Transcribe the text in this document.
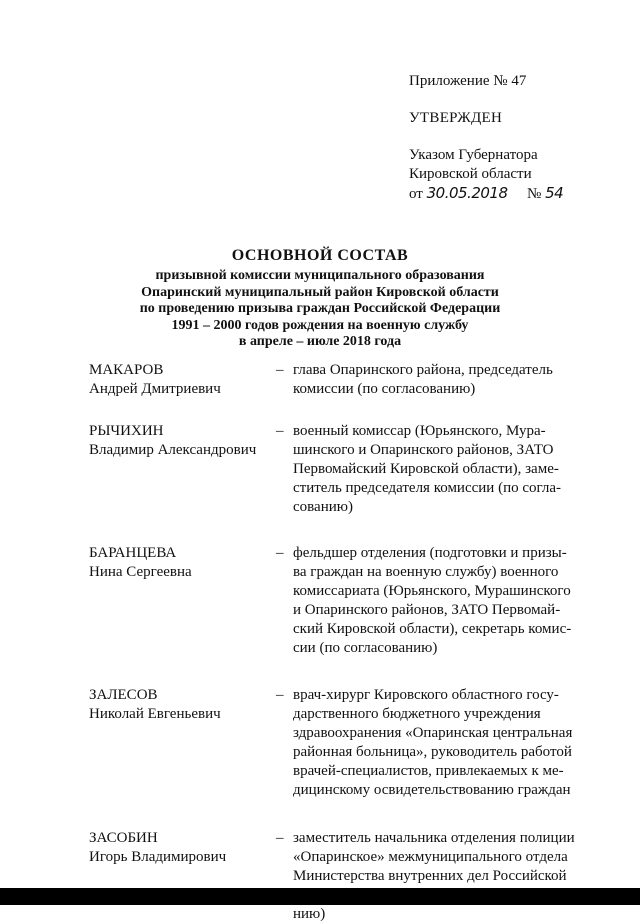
Приложение № 47

УТВЕРЖДЕН

Указом Губернатора

Кировской области

от 30.05.2018 № 54

ОСНОВНОЙ СОСТАВ
призывной комиссии муниципального образования
Опаринский муниципальный район Кировской области
по проведению призыва граждан Российской Федерации
1991 – 2000 годов рождения на военную службу
в апреле – июле 2018 года
МАКАРОВ
Андрей Дмитриевич
– глава Опаринского района, председатель
комиссии (по согласованию)
РЫЧИХИН
Владимир Александрович
– военный комиссар (Юрьянского, Мура-
шинского и Опаринского районов, ЗАТО
Первомайский Кировской области), заме-
ститель председателя комиссии (по согла-
сованию)
БАРАНЦЕВА
Нина Сергеевна
– фельдшер отделения (подготовки и призы-
ва граждан на военную службу) военного
комиссариата (Юрьянского, Мурашинского
и Опаринского районов, ЗАТО Первомай-
ский Кировской области), секретарь комис-
сии (по согласованию)
ЗАЛЕСОВ
Николай Евгеньевич
– врач-хирург Кировского областного госу-
дарственного бюджетного учреждения
здравоохранения «Опаринская центральная
районная больница», руководитель работой
врачей-специалистов, привлекаемых к ме-
дицинскому освидетельствованию граждан
ЗАСОБИН
Игорь Владимирович
– заместитель начальника отделения полиции
«Опаринское» межмуниципального отдела
Министерства внутренних дел Российской
нию)
